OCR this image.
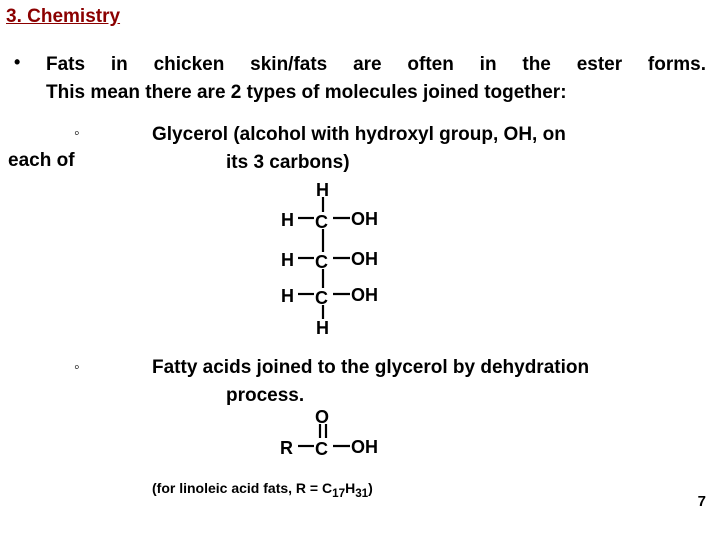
3. Chemistry
• Fats in chicken skin/fats are often in the ester forms.
This mean there are 2 types of molecules joined together:
◦
each of
Glycerol (alcohol with hydroxyl group, OH, on
its 3 carbons)
H
H C OH
H C OH
H C OH
H
O
R C OH
◦	Fatty acids joined to the glycerol by dehydration
process.
(for linoleic acid fats, $R = C_{17}H_{31}$)
7
